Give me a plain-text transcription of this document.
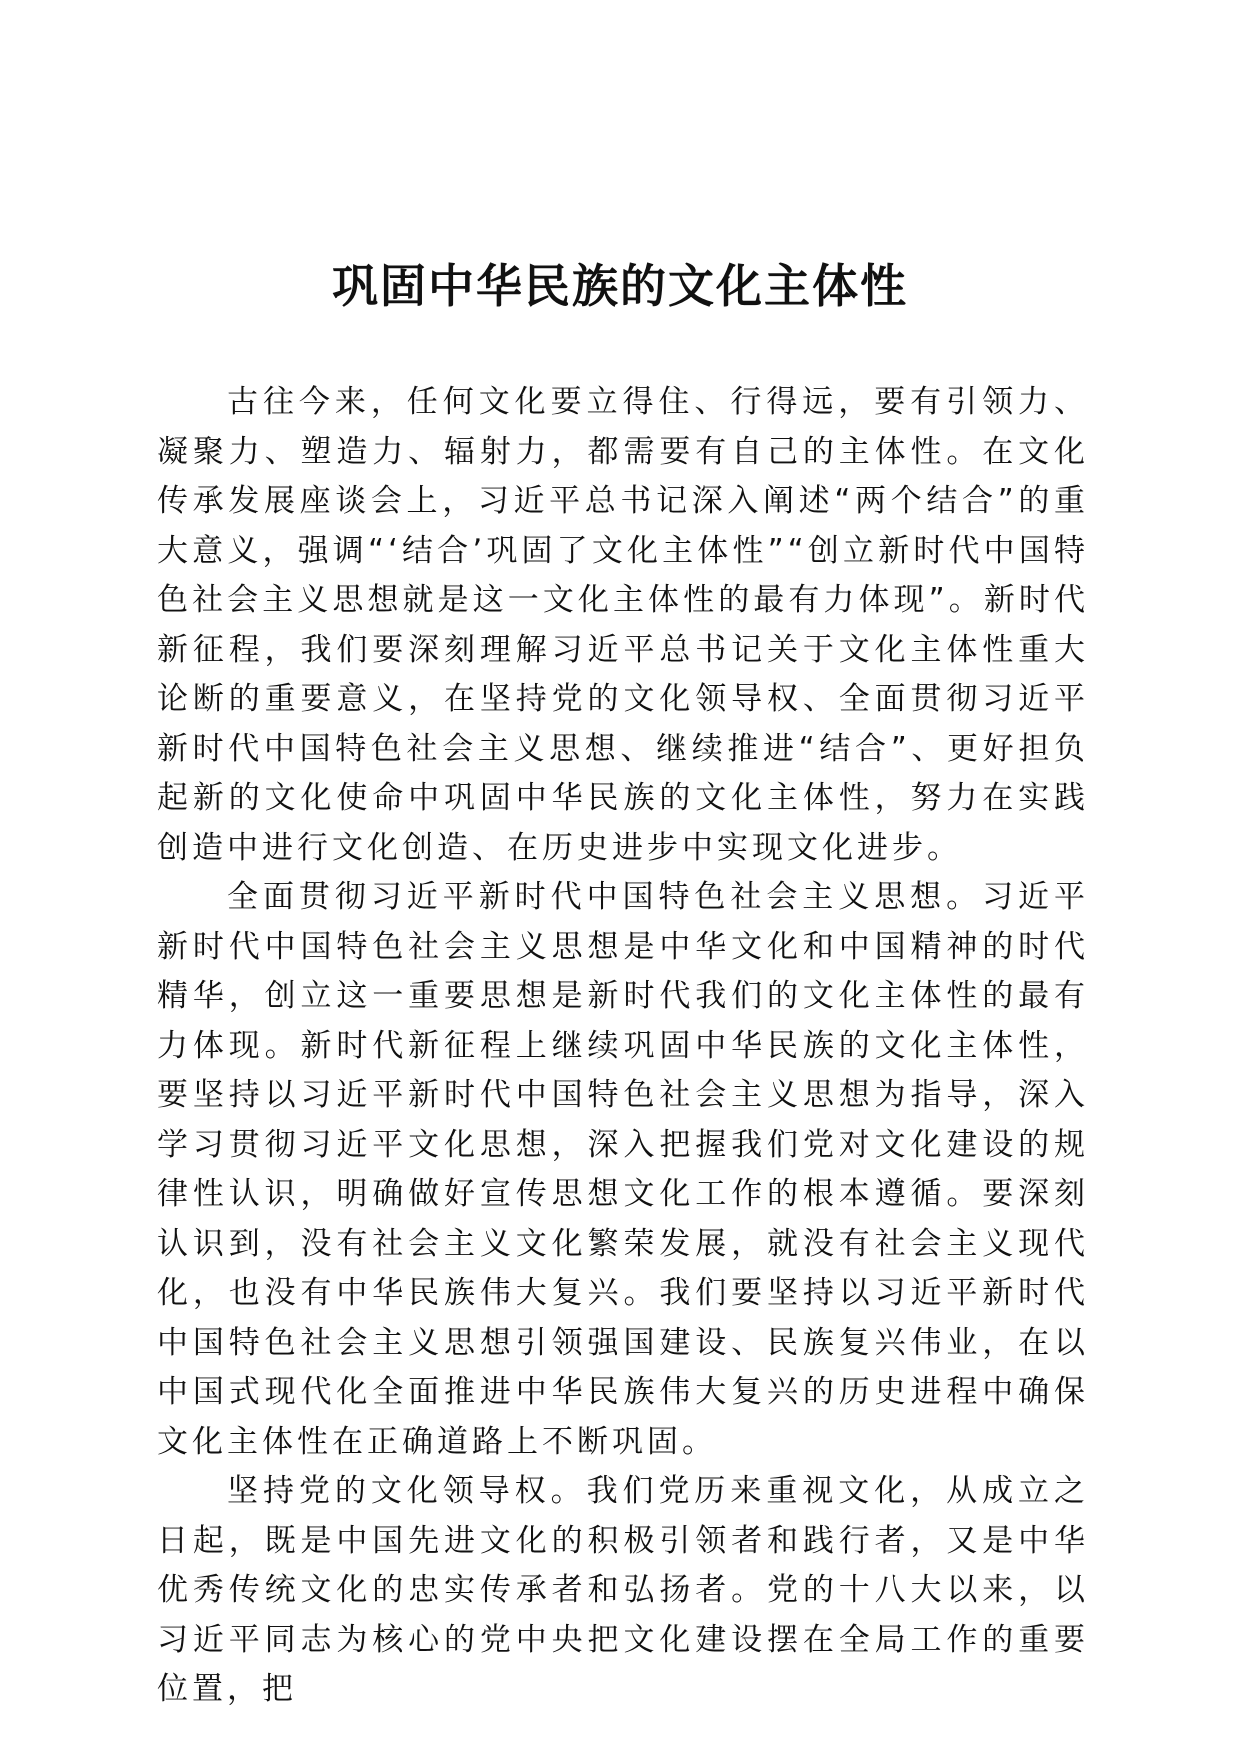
巩固中华民族的文化主体性

古往今来，任何文化要立得住、行得远，要有引领力、凝聚力、塑造力、辐射力，都需要有自己的主体性。在文化传承发展座谈会上，习近平总书记深入阐述“两个结合”的重大意义，强调“‘结合’巩固了文化主体性”“创立新时代中国特色社会主义思想就是这一文化主体性的最有力体现”。新时代新征程，我们要深刻理解习近平总书记关于文化主体性重大论断的重要意义，在坚持党的文化领导权、全面贯彻习近平新时代中国特色社会主义思想、继续推进“结合”、更好担负起新的文化使命中巩固中华民族的文化主体性，努力在实践创造中进行文化创造、在历史进步中实现文化进步。

全面贯彻习近平新时代中国特色社会主义思想。习近平新时代中国特色社会主义思想是中华文化和中国精神的时代精华，创立这一重要思想是新时代我们的文化主体性的最有力体现。新时代新征程上继续巩固中华民族的文化主体性，要坚持以习近平新时代中国特色社会主义思想为指导，深入学习贯彻习近平文化思想，深入把握我们党对文化建设的规律性认识，明确做好宣传思想文化工作的根本遵循。要深刻认识到，没有社会主义文化繁荣发展，就没有社会主义现代化，也没有中华民族伟大复兴。我们要坚持以习近平新时代中国特色社会主义思想引领强国建设、民族复兴伟业，在以中国式现代化全面推进中华民族伟大复兴的历史进程中确保文化主体性在正确道路上不断巩固。

坚持党的文化领导权。我们党历来重视文化，从成立之日起，既是中国先进文化的积极引领者和践行者，又是中华优秀传统文化的忠实传承者和弘扬者。党的十八大以来，以习近平同志为核心的党中央把文化建设摆在全局工作的重要位置，把
